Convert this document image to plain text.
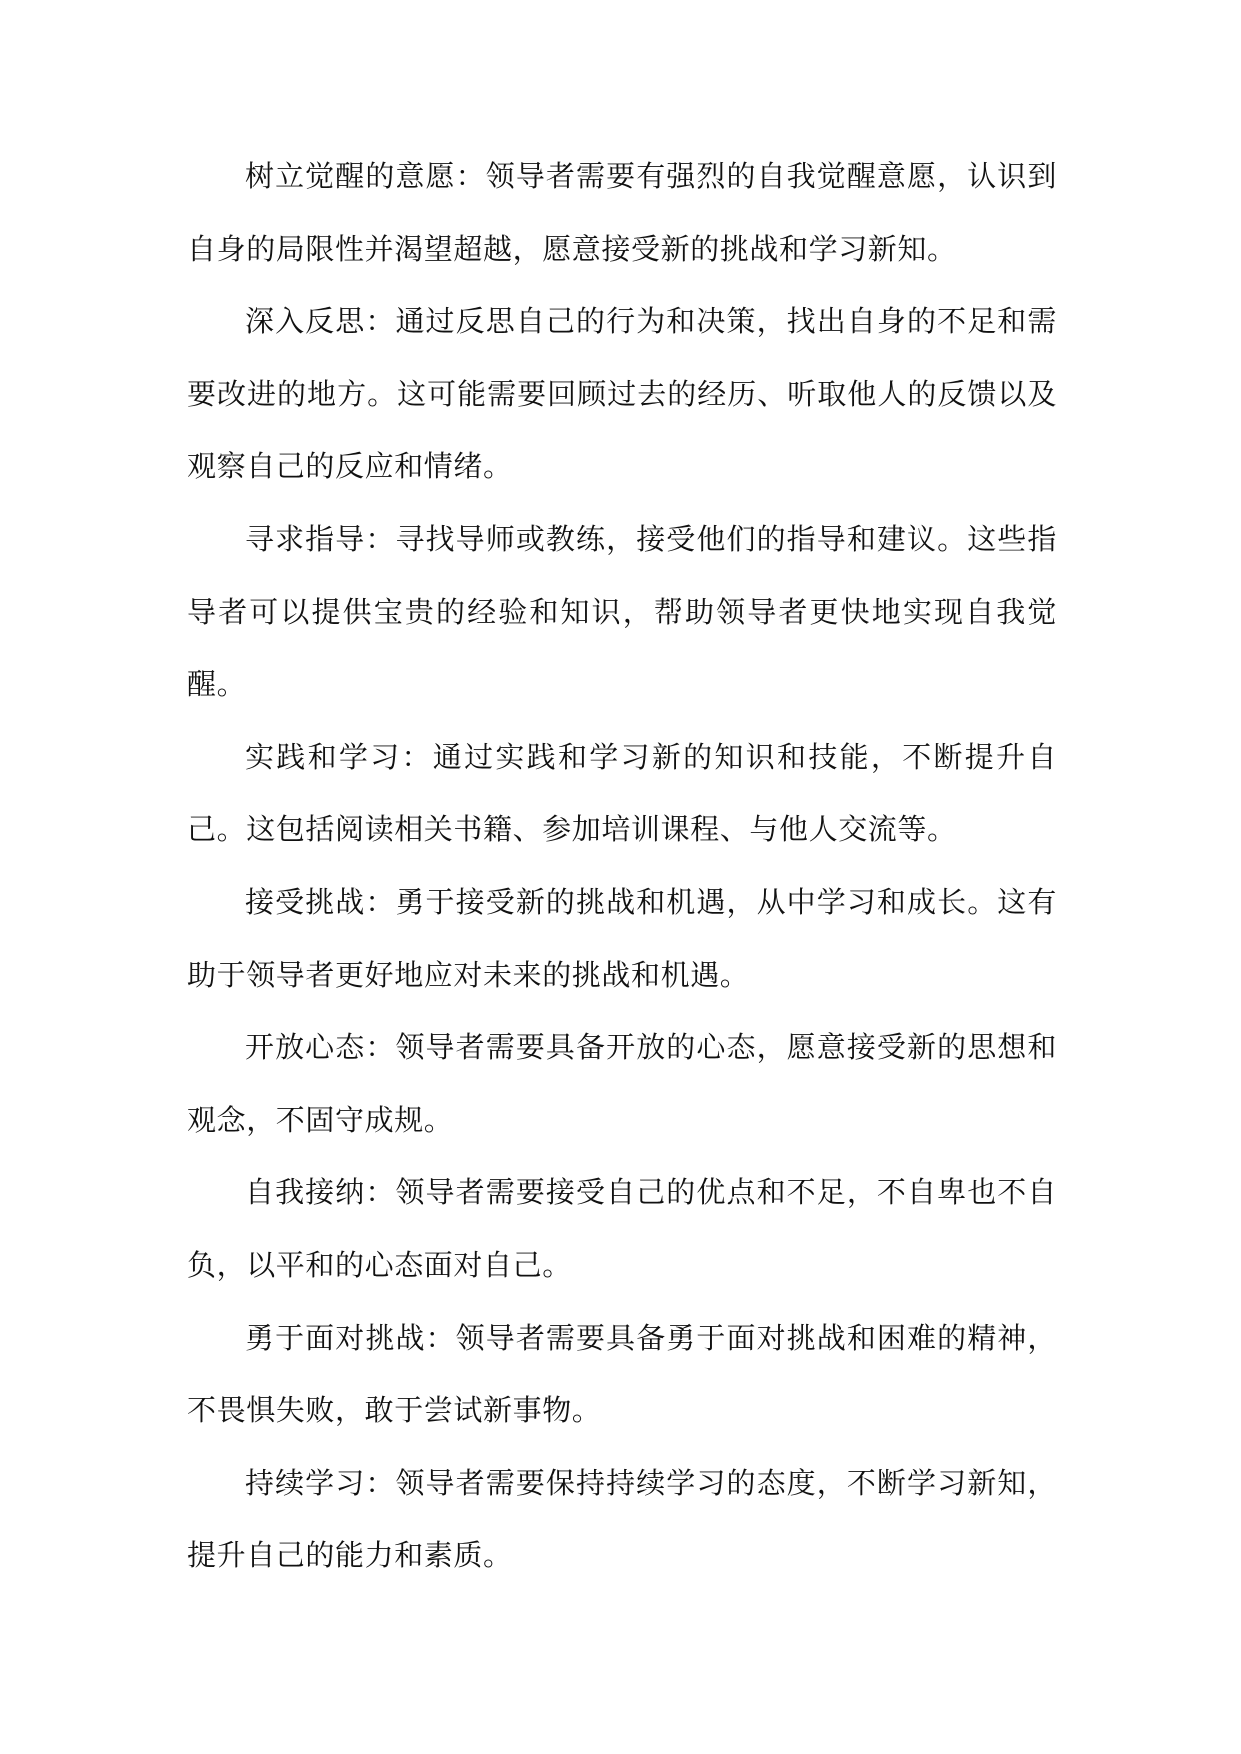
树立觉醒的意愿：领导者需要有强烈的自我觉醒意愿，认识到自身的局限性并渴望超越，愿意接受新的挑战和学习新知。

深入反思：通过反思自己的行为和决策，找出自身的不足和需要改进的地方。这可能需要回顾过去的经历、听取他人的反馈以及观察自己的反应和情绪。

寻求指导：寻找导师或教练，接受他们的指导和建议。这些指导者可以提供宝贵的经验和知识，帮助领导者更快地实现自我觉醒。

实践和学习：通过实践和学习新的知识和技能，不断提升自己。这包括阅读相关书籍、参加培训课程、与他人交流等。

接受挑战：勇于接受新的挑战和机遇，从中学习和成长。这有助于领导者更好地应对未来的挑战和机遇。

开放心态：领导者需要具备开放的心态，愿意接受新的思想和观念，不固守成规。

自我接纳：领导者需要接受自己的优点和不足，不自卑也不自负，以平和的心态面对自己。

勇于面对挑战：领导者需要具备勇于面对挑战和困难的精神，不畏惧失败，敢于尝试新事物。

持续学习：领导者需要保持持续学习的态度，不断学习新知，提升自己的能力和素质。
